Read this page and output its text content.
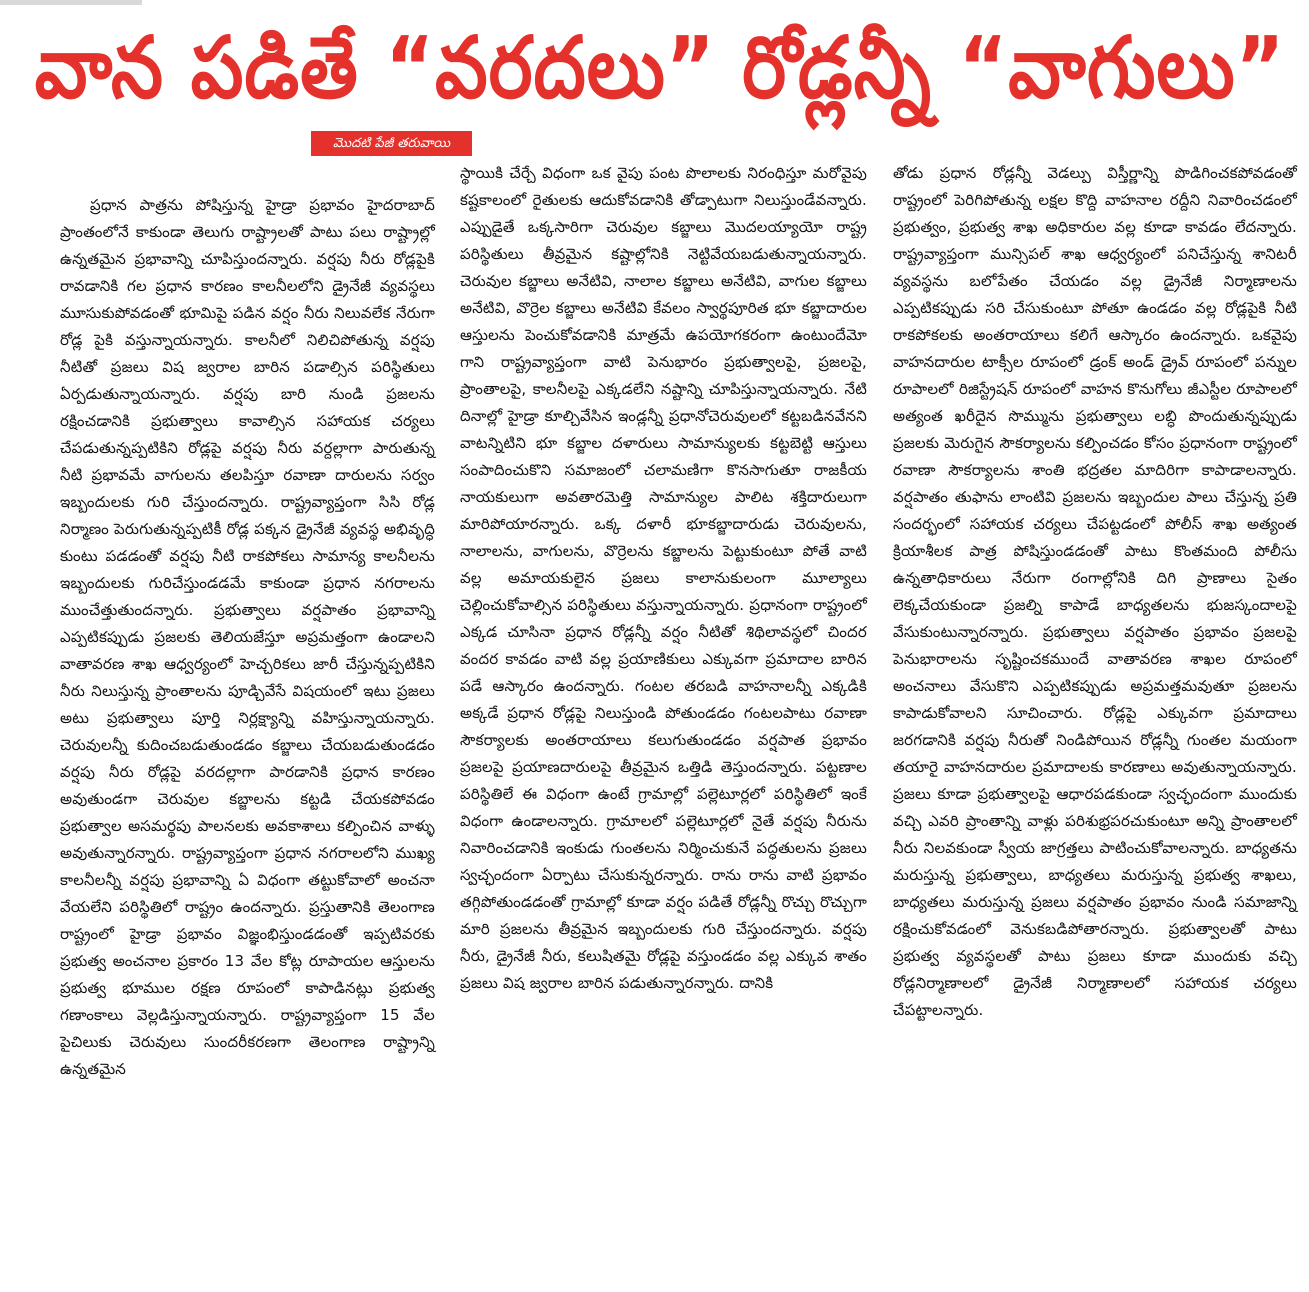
వాన పడితే “వరదలు” రోడ్లన్నీ “వాగులు”
మొదటి పేజీ తరువాయి

ప్రధాన పాత్రను పోషిస్తున్న హైడ్రా ప్రభావం హైదరాబాద్ ప్రాంతంలోనే కాకుండా తెలుగు రాష్ట్రాలతో పాటు పలు రాష్ట్రాల్లో ఉన్నతమైన ప్రభావాన్ని చూపిస్తుందన్నారు. వర్షపు నీరు రోడ్లపైకి రావడానికి గల ప్రధాన కారణం కాలనీలలోని డ్రైనేజీ వ్యవస్థలు మూసుకుపోవడంతో భూమిపై పడిన వర్షం నీరు నిలువలేక నేరుగా రోడ్ల పైకి వస్తున్నాయన్నారు. కాలనీలో నిలిచిపోతున్న వర్షపు నీటితో ప్రజలు విష జ్వరాల బారిన పడాల్సిన పరిస్థితులు ఏర్పడుతున్నాయన్నారు. వర్షపు బారి నుండి ప్రజలను రక్షించడానికి ప్రభుత్వాలు కావాల్సిన సహాయక చర్యలు చేపడుతున్నప్పటికిని రోడ్లపై వర్షపు నీరు వర్దల్లాగా పారుతున్న నీటి ప్రభావమే వాగులను తలపిస్తూ రవాణా దారులను సర్వం ఇబ్బందులకు గురి చేస్తుందన్నారు. రాష్ట్రవ్యాప్తంగా సిసి రోడ్ల నిర్మాణం పెరుగుతున్నప్పటికీ రోడ్ల పక్కన డ్రైనేజీ వ్యవస్థ అభివృద్ధి కుంటు పడడంతో వర్షపు నీటి రాకపోకలు సామాన్య కాలనీలను ఇబ్బందులకు గురిచేస్తుండడమే కాకుండా ప్రధాన నగరాలను ముంచేత్తుతుందన్నారు. ప్రభుత్వాలు వర్షపాతం ప్రభావాన్ని ఎప్పటికప్పుడు ప్రజలకు తెలియజేస్తూ అప్రమత్తంగా ఉండాలని వాతావరణ శాఖ ఆధ్వర్యంలో హెచ్చరికలు జారీ చేస్తున్నప్పటికిని నీరు నిలుస్తున్న ప్రాంతాలను పూడ్చివేసే విషయంలో ఇటు ప్రజలు అటు ప్రభుత్వాలు పూర్తి నిర్లక్ష్యాన్ని వహిస్తున్నాయన్నారు. చెరువులన్నీ కుదించబడుతుండడం కబ్జాలు చేయబడుతుండడం వర్షపు నీరు రోడ్లపై వరదల్లాగా పారడానికి ప్రధాన కారణం అవుతుండగా చెరువుల కబ్జాలను కట్టడి చేయకపోవడం ప్రభుత్వాల అసమర్థపు పాలనలకు అవకాశాలు కల్పించిన వాళ్ళు అవుతున్నారన్నారు. రాష్ట్రవ్యాప్తంగా ప్రధాన నగరాలలోని ముఖ్య కాలనీలన్నీ వర్షపు ప్రభావాన్ని ఏ విధంగా తట్టుకోవాలో అంచనా వేయలేని పరిస్థితిలో రాష్ట్రం ఉందన్నారు. ప్రస్తుతానికి తెలంగాణ రాష్ట్రంలో హైడ్రా ప్రభావం విజ్ఞంభిస్తుండడంతో ఇప్పటివరకు ప్రభుత్వ అంచనాల ప్రకారం 13 వేల కోట్ల రూపాయల ఆస్తులను ప్రభుత్వ భూముల రక్షణ రూపంలో కాపాడినట్లు ప్రభుత్వ గణాంకాలు వెల్లడిస్తున్నాయన్నారు. రాష్ట్రవ్యాప్తంగా 15 వేల పైచిలుకు చెరువులు సుందరీకరణగా తెలంగాణ రాష్ట్రాన్ని ఉన్నతమైన

స్థాయికి చేర్చే విధంగా ఒక వైపు పంట పొలాలకు నిరంధిస్తూ మరోవైపు కష్టకాలంలో రైతులకు ఆదుకోవడానికి తోడ్పాటుగా నిలుస్తుండేవన్నారు. ఎప్పుడైతే ఒక్కసారిగా చెరువుల కబ్జాలు మొదలయ్యాయో రాష్ట్ర పరిస్థితులు తీవ్రమైన కష్టాల్లోనికి నెట్టివేయబడుతున్నాయన్నారు. చెరువుల కబ్జాలు అనేటివి, నాలాల కబ్జాలు అనేటివి, వాగుల కబ్జాలు అనేటివి, వొర్రెల కబ్జాలు అనేటివి కేవలం స్వార్థపూరిత భూ కబ్జాదారుల ఆస్తులను పెంచుకోవడానికి మాత్రమే ఉపయోగకరంగా ఉంటుందేమో గాని రాష్ట్రవ్యాప్తంగా వాటి పెనుభారం ప్రభుత్వాలపై, ప్రజలపై, ప్రాంతాలపై, కాలనీలపై ఎక్కడలేని నష్టాన్ని చూపిస్తున్నాయన్నారు. నేటి దినాల్లో హైడ్రా కూల్చివేసిన ఇండ్లన్నీ ప్రధానోచెరువులలో కట్టబడినవేనని వాటన్నిటిని భూ కబ్జాల దళారులు సామాన్యులకు కట్టబెట్టి ఆస్తులు సంపాదించుకొని సమాజంలో చలామణిగా కొనసాగుతూ రాజకీయ నాయకులుగా అవతారమెత్తి సామాన్యుల పాలిట శక్తిదారులుగా మారిపోయారన్నారు. ఒక్క దళారీ భూకబ్జాదారుడు చెరువులను, నాలాలను, వాగులను, వొర్రెలను కబ్జాలను పెట్టుకుంటూ పోతే వాటి వల్ల అమాయకులైన ప్రజలు కాలానుకులంగా మూల్యాలు చెల్లించుకోవాల్సిన పరిస్థితులు వస్తున్నాయన్నారు. ప్రధానంగా రాష్ట్రంలో ఎక్కడ చూసినా ప్రధాన రోడ్లన్నీ వర్షం నీటితో శిథిలావస్థలో చిందర వందర కావడం వాటి వల్ల ప్రయాణికులు ఎక్కువగా ప్రమాదాల బారిన పడే ఆస్కారం ఉందన్నారు. గంటల తరబడి వాహనాలన్నీ ఎక్కడికి అక్కడే ప్రధాన రోడ్లపై నిలుస్తుండి పోతుండడం గంటలపాటు రవాణా సౌకర్యాలకు అంతరాయాలు కలుగుతుండడం వర్షపాత ప్రభావం ప్రజలపై ప్రయాణదారులపై తీవ్రమైన ఒత్తిడి తెస్తుందన్నారు. పట్టణాల పరిస్థితిలే ఈ విధంగా ఉంటే గ్రామాల్లో పల్లెటూర్లలో పరిస్థితిలో ఇంకే విధంగా ఉండాలన్నారు. గ్రామాలలో పల్లెటూర్లలో నైతే వర్షపు నీరును నివారించడానికి ఇంకుడు గుంతలను నిర్మించుకునే పద్ధతులను ప్రజలు స్వచ్ఛందంగా ఏర్పాటు చేసుకున్నరన్నారు. రాను రాను వాటి ప్రభావం తగ్గిపోతుండడంతో గ్రామాల్లో కూడా వర్షం పడితే రోడ్లన్నీ రొచ్చు రొచ్చుగా మారి ప్రజలను తీవ్రమైన ఇబ్బందులకు గురి చేస్తుందన్నారు. వర్షపు నీరు, డ్రైనేజీ నీరు, కలుషితమై రోడ్లపై వస్తుండడం వల్ల ఎక్కువ శాతం ప్రజలు విష జ్వరాల బారిన పడుతున్నారన్నారు. దానికి

తోడు ప్రధాన రోడ్లన్నీ వెడల్పు విస్తీర్ణాన్ని పొడిగించకపోవడంతో రాష్ట్రంలో పెరిగిపోతున్న లక్షల కొద్ది వాహనాల రద్దీని నివారించడంలో ప్రభుత్వం, ప్రభుత్వ శాఖ అధికారుల వల్ల కూడా కావడం లేదన్నారు. రాష్ట్రవ్యాప్తంగా మున్సిపల్ శాఖ ఆధ్వర్యంలో పనిచేస్తున్న శానిటరీ వ్యవస్థను బలోపేతం చేయడం వల్ల డ్రైనేజీ నిర్మాణాలను ఎప్పటికప్పుడు సరి చేసుకుంటూ పోతూ ఉండడం వల్ల రోడ్లపైకి నీటి రాకపోకలకు అంతరాయాలు కలిగే ఆస్కారం ఉందన్నారు. ఒకవైపు వాహనదారుల టాక్సీల రూపంలో డ్రంక్ అండ్ డ్రైవ్ రూపంలో పన్నుల రూపాలలో రిజిస్ట్రేషన్ రూపంలో వాహన కొనుగోలు జీఎస్టీల రూపాలలో అత్యంత ఖరీదైన సొమ్మును ప్రభుత్వాలు లబ్ధి పొందుతున్నప్పుడు ప్రజలకు మెరుగైన సౌకర్యాలను కల్పించడం కోసం ప్రధానంగా రాష్ట్రంలో రవాణా సౌకర్యాలను శాంతి భద్రతల మాదిరిగా కాపాడాలన్నారు. వర్షపాతం తుఫాను లాంటివి ప్రజలను ఇబ్బందుల పాలు చేస్తున్న ప్రతి సందర్భంలో సహాయక చర్యలు చేపట్టడంలో పోలీస్ శాఖ అత్యంత క్రియాశీలక పాత్ర పోషిస్తుండడంతో పాటు కొంతమంది పోలీసు ఉన్నతాధికారులు నేరుగా రంగాల్లోనికి దిగి ప్రాణాలు సైతం లెక్కచేయకుండా ప్రజల్ని కాపాడే బాధ్యతలను భుజస్కందాలపై వేసుకుంటున్నారన్నారు. ప్రభుత్వాలు వర్షపాతం ప్రభావం ప్రజలపై పెనుభారాలను సృష్టించకముందే వాతావరణ శాఖల రూపంలో అంచనాలు వేసుకొని ఎప్పటికప్పుడు అప్రమత్తమవుతూ ప్రజలను కాపాడుకోవాలని సూచించారు. రోడ్లపై ఎక్కువగా ప్రమాదాలు జరగడానికి వర్షపు నీరుతో నిండిపోయిన రోడ్లన్నీ గుంతల మయంగా తయారై వాహనదారుల ప్రమాదాలకు కారణాలు అవుతున్నాయన్నారు. ప్రజలు కూడా ప్రభుత్వాలపై ఆధారపడకుండా స్వచ్ఛందంగా ముందుకు వచ్చి ఎవరి ప్రాంతాన్ని వాళ్లు పరిశుభ్రపరచుకుంటూ అన్ని ప్రాంతాలలో నీరు నిలవకుండా స్వీయ జాగ్రత్తలు పాటించుకోవాలన్నారు. బాధ్యతను మరుస్తున్న ప్రభుత్వాలు, బాధ్యతలు మరుస్తున్న ప్రభుత్వ శాఖలు, బాధ్యతలు మరుస్తున్న ప్రజలు వర్షపాతం ప్రభావం నుండి సమాజాన్ని రక్షించుకోవడంలో వెనుకబడిపోతారన్నారు. ప్రభుత్వాలతో పాటు ప్రభుత్వ వ్యవస్థలతో పాటు ప్రజలు కూడా ముందుకు వచ్చి రోడ్లనిర్మాణాలలో డ్రైనేజీ నిర్మాణాలలో సహాయక చర్యలు చేపట్టాలన్నారు.
